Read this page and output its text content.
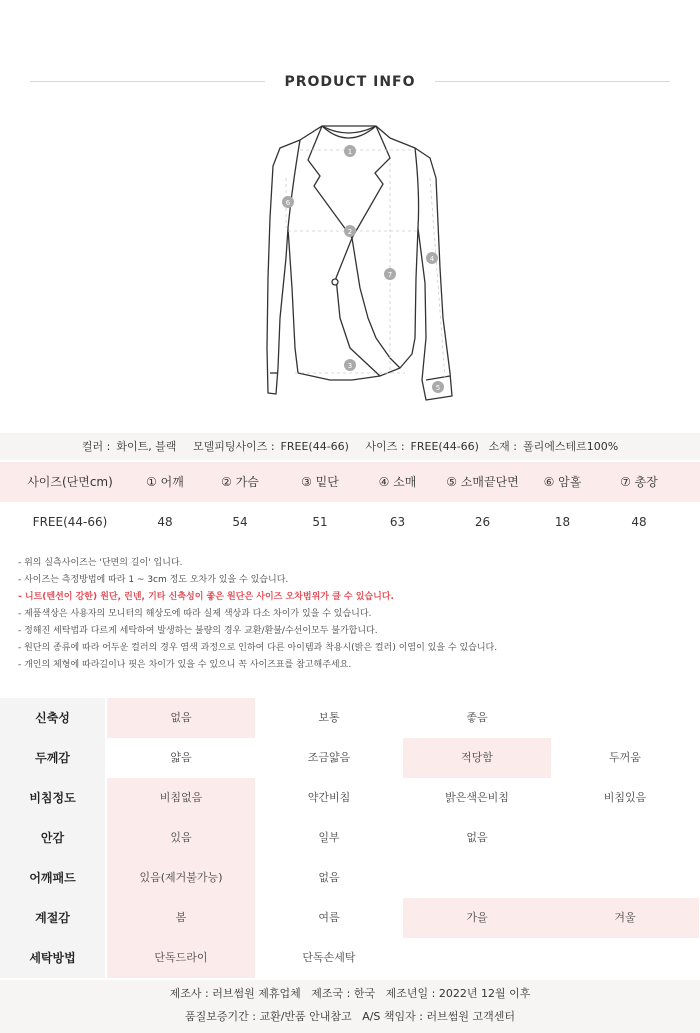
PRODUCT INFO
1
2
3
4
5
6
7
컬러 : 화이트, 블랙 모델피팅사이즈 : FREE(44-66) 사이즈 : FREE(44-66) 소재 : 폴리에스테르100%
사이즈(단면cm)	① 어깨	② 가슴	③ 밑단	④ 소매	⑤ 소매끝단면	⑥ 암홀	⑦ 총장
FREE(44-66)	48	54	51	63	26	18	48
- 위의 실측사이즈는 '단면의 길이' 입니다.
- 사이즈는 측정방법에 따라 1 ~ 3cm 정도 오차가 있을 수 있습니다.
- 니트(텐션이 강한) 원단, 린넨, 기타 신축성이 좋은 원단은 사이즈 오차범위가 클 수 있습니다.
- 제품색상은 사용자의 모니터의 해상도에 따라 실제 색상과 다소 차이가 있을 수 있습니다.
- 정해진 세탁법과 다르게 세탁하여 발생하는 불량의 경우 교환/환불/수선이모두 불가합니다.
- 원단의 종류에 따라 어두운 컬러의 경우 염색 과정으로 인하여 다른 아이템과 착용시(밝은 컬러) 이염이 있을 수 있습니다.
- 개인의 체형에 따라길이나 핏은 차이가 있을 수 있으니 꼭 사이즈표를 참고해주세요.
신축성	없음	보통	좋음
두께감	얇음	조금얇음	적당함	두꺼움
비침정도	비침없음	약간비침	밝은색은비침	비침있음
안감	있음	일부	없음
어깨패드	있음(제거불가능)	없음
계절감	봄	여름	가을	겨울
세탁방법	단독드라이	단독손세탁
제조사 : 러브썸원 제휴업체 제조국 : 한국 제조년일 : 2022년 12월 이후
품질보증기간 : 교환/반품 안내참고 A/S 책임자 : 러브썸원 고객센터
